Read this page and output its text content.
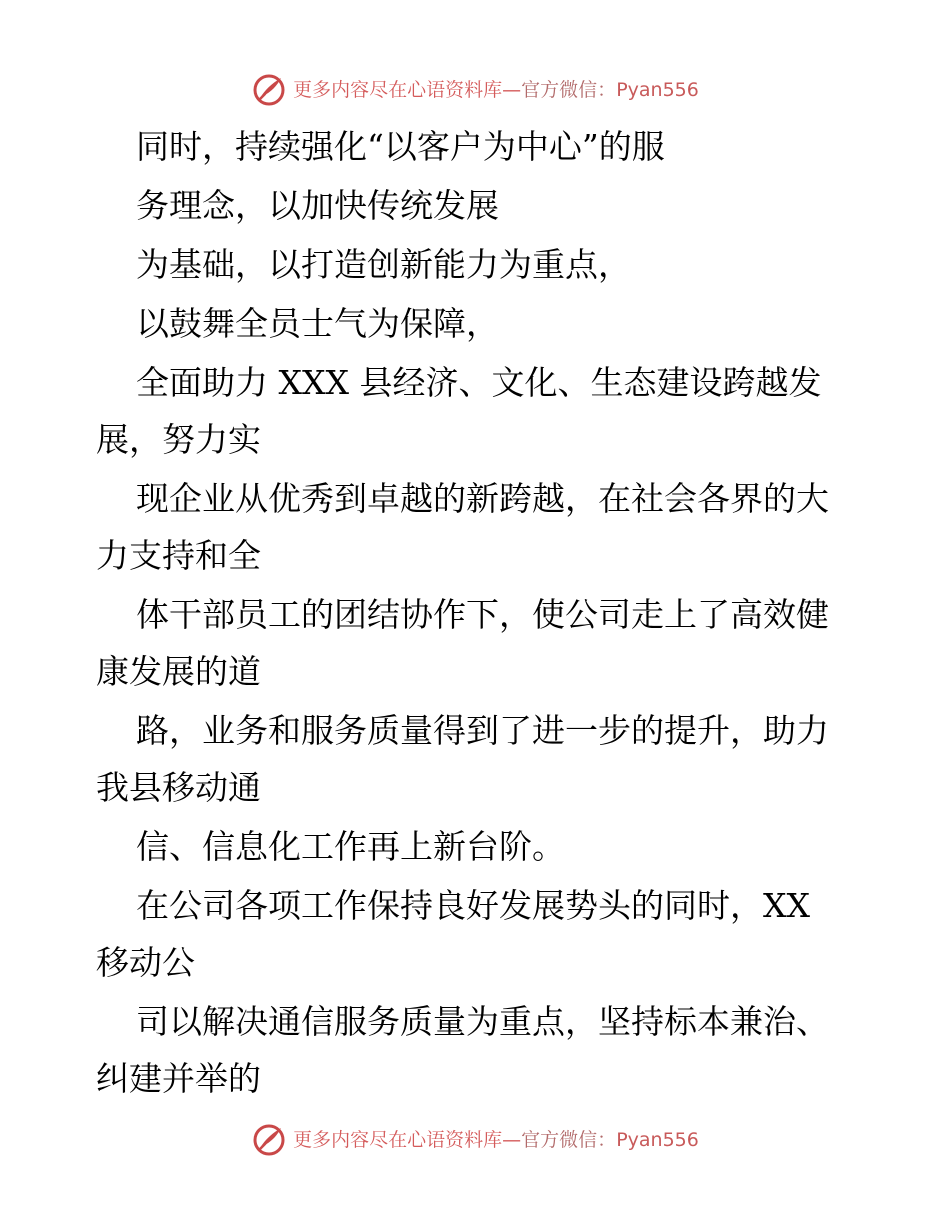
更多内容尽在心语资料库—官方微信：Pyan556
同时，持续强化“以客户为中心”的服
务理念，以加快传统发展
为基础，以打造创新能力为重点，
以鼓舞全员士气为保障，
全面助力 XXX 县经济、文化、生态建设跨越发
展，努力实
现企业从优秀到卓越的新跨越，在社会各界的大
力支持和全
体干部员工的团结协作下，使公司走上了高效健
康发展的道
路，业务和服务质量得到了进一步的提升，助力
我县移动通
信、信息化工作再上新台阶。
在公司各项工作保持良好发展势头的同时，XX
移动公
司以解决通信服务质量为重点，坚持标本兼治、
纠建并举的
更多内容尽在心语资料库—官方微信：Pyan556
